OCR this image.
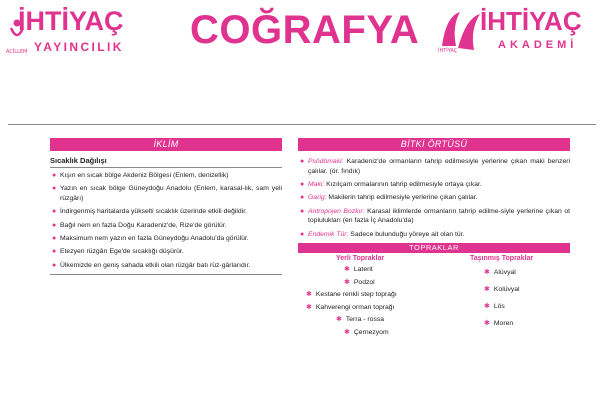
İHTİYAÇ
YAYINCILIK
ACİLLEM	COĞRAFYA İHTİYAÇ
AKADEMİ
İHTİYAÇ
İKLİM
Sıcaklık Dağılışı
● Kışın en sıcak bölge Akdeniz Bölgesi (Enlem, denizellik)
● Yazın en sıcak bölge Güneydoğu Anadolu (Enlem, karasal-lık, sam yeli rüzgârı)
● İndirgenmiş haritalarda yükselti sıcaklık üzerinde etkili değildir.
● Bağıl nem en fazla Doğu Karadeniz'de, Rize'de görülür.
● Maksimum nem yazın en fazla Güneydoğu Anadolu'da görülür.
● Etezyen rüzgârı Ege'de sıcaklığı düşürür.
● Ülkemizde en geniş sahada etkili olan rüzgâr batı rüz-gârlarıdır.
BİTKİ ÖRTÜSÜ
● Psödömaki: Karadeniz'de ormanların tahrip edilmesiyle yerlerine çıkan maki benzeri çalılar. (ör. fındık)
● Maki: Kızılçam ormalarının tahrip edilmesiyle ortaya çıkar.
● Garig: Makilerin tahrip edilmesiyle yerlerine çıkan çalılar.
● Antropojen Bozkır: Karasal iklimlerde ormanların tahrip edilme-siyle yerlerine çıkan ot toplulukları (en fazla İç Anadolu'da)
● Endemik Tür: Sadece bulunduğu yöreye ait olan tür.
TOPRAKLAR
Yerli Topraklar
✱ Laterit
✱ Podzol
✱ Kestane renkli step toprağı
✱ Kahverengi orman toprağı
✱ Terra - rossa
✱ Çernezyom
Taşınmış Topraklar
✱ Alüvyal
✱ Kolüvyal
✱ Lös
✱ Moren
